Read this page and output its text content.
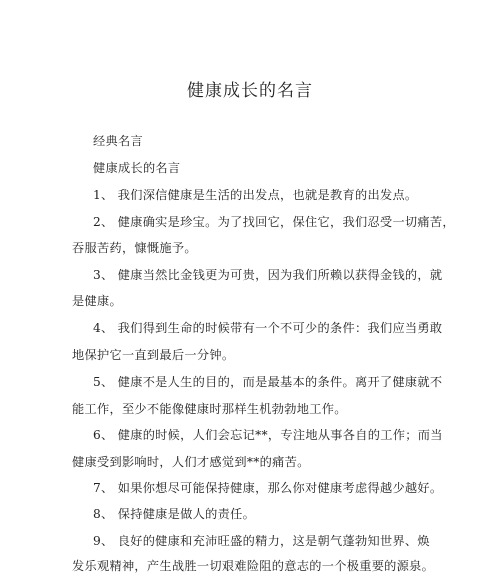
健康成长的名言
经典名言
健康成长的名言
1、 我们深信健康是生活的出发点，也就是教育的出发点。
2、 健康确实是珍宝。为了找回它，保住它，我们忍受一切痛苦，
吞服苦药，慷慨施予。
3、 健康当然比金钱更为可贵，因为我们所赖以获得金钱的，就
是健康。
4、 我们得到生命的时候带有一个不可少的条件：我们应当勇敢
地保护它一直到最后一分钟。
5、 健康不是人生的目的，而是最基本的条件。离开了健康就不
能工作，至少不能像健康时那样生机勃勃地工作。
6、 健康的时候，人们会忘记**，专注地从事各自的工作；而当
健康受到影响时，人们才感觉到**的痛苦。
7、 如果你想尽可能保持健康，那么你对健康考虑得越少越好。
8、 保持健康是做人的责任。
9、 良好的健康和充沛旺盛的精力，这是朝气蓬勃知世界、焕
发乐观精神，产生战胜一切艰难险阻的意志的一个极重要的源泉。
